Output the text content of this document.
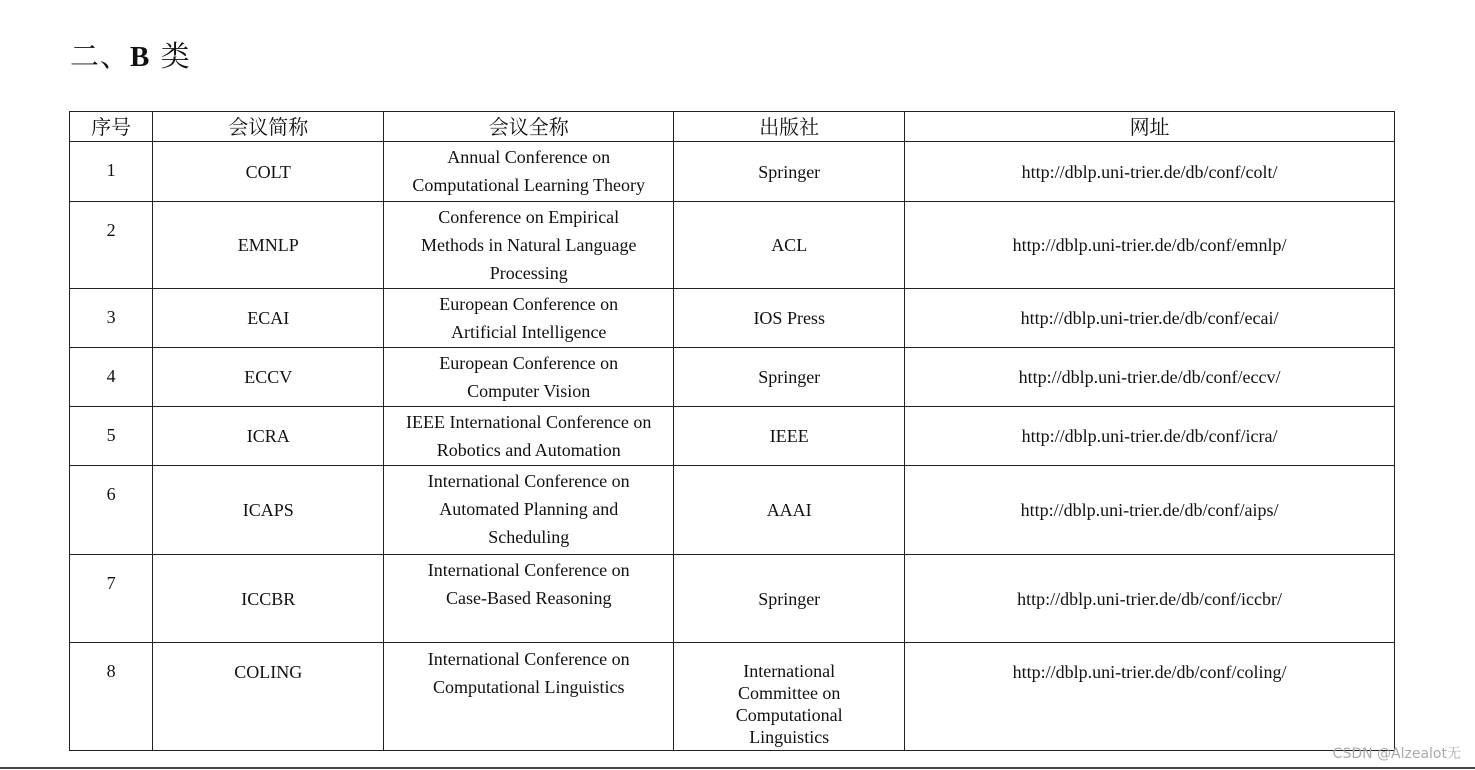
二、B 类
序号	会议简称	会议全称	出版社	网址

1	COLT	Annual Conference on Computational Learning Theory	Springer	http://dblp.uni-trier.de/db/conf/colt/

2	EMNLP	Conference on Empirical Methods in Natural Language Processing	ACL	http://dblp.uni-trier.de/db/conf/emnlp/

3	ECAI	European Conference on Artificial Intelligence	IOS Press	http://dblp.uni-trier.de/db/conf/ecai/

4	ECCV	European Conference on Computer Vision	Springer	http://dblp.uni-trier.de/db/conf/eccv/

5	ICRA	IEEE International Conference on Robotics and Automation	IEEE	http://dblp.uni-trier.de/db/conf/icra/

6	ICAPS	International Conference on Automated Planning and Scheduling	AAAI	http://dblp.uni-trier.de/db/conf/aips/

7	ICCBR	International Conference on Case-Based Reasoning	Springer	http://dblp.uni-trier.de/db/conf/iccbr/

8	COLING	International Conference on Computational Linguistics	International Committee on Computational Linguistics	http://dblp.uni-trier.de/db/conf/coling/
CSDN @Alzealot无
